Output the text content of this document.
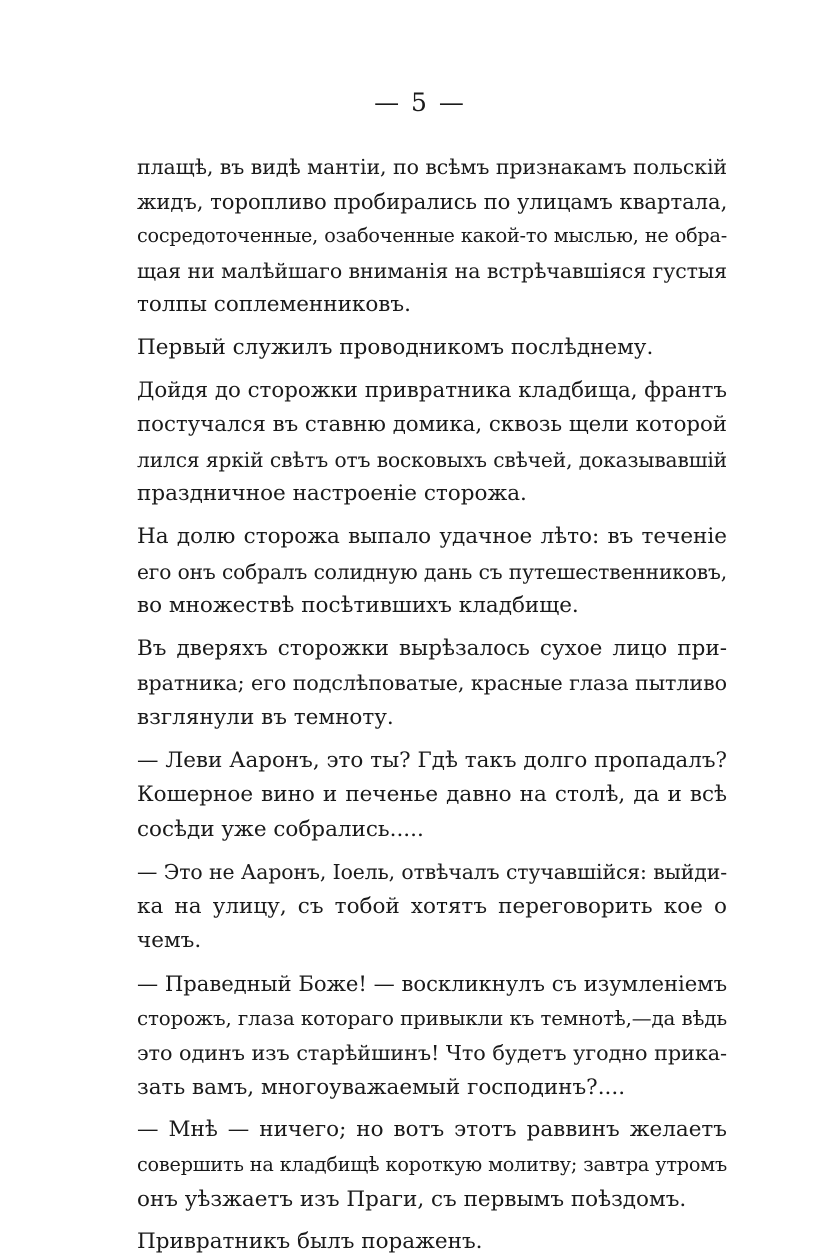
— 5 —
плащѣ, въ видѣ мантіи, по всѣмъ признакамъ польскій
жидъ, торопливо пробирались по улицамъ квартала,
сосредоточенные, озабоченные какой-то мыслью, не обра-
щая ни малѣйшаго вниманія на встрѣчавшіяся густыя
толпы соплеменниковъ.
Первый служилъ проводникомъ послѣднему.
Дойдя до сторожки привратника кладбища, франтъ
постучался въ ставню домика, сквозь щели которой
лился яркій свѣтъ отъ восковыхъ свѣчей, доказывавшій
праздничное настроеніе сторожа.
На долю сторожа выпало удачное лѣто: въ теченіе
его онъ собралъ солидную дань съ путешественниковъ,
во множествѣ посѣтившихъ кладбище.
Въ дверяхъ сторожки вырѣзалось сухое лицо при-
вратника; его подслѣповатые, красные глаза пытливо
взглянули въ темноту.
— Леви Ааронъ, это ты? Гдѣ такъ долго пропадалъ?
Кошерное вино и печенье давно на столѣ, да и всѣ
сосѣди уже собрались.....
— Это не Ааронъ, Іоель, отвѣчалъ стучавшійся: выйди-
ка на улицу, съ тобой хотятъ переговорить кое о
чемъ.
— Праведный Боже! — воскликнулъ съ изумленіемъ
сторожъ, глаза котораго привыкли къ темнотѣ,—да вѣдь
это одинъ изъ старѣйшинъ! Что будетъ угодно прика-
зать вамъ, многоуважаемый господинъ?....
— Мнѣ — ничего; но вотъ этотъ раввинъ желаетъ
совершить на кладбищѣ короткую молитву; завтра утромъ
онъ уѣзжаетъ изъ Праги, съ первымъ поѣздомъ.
Привратникъ былъ пораженъ.
